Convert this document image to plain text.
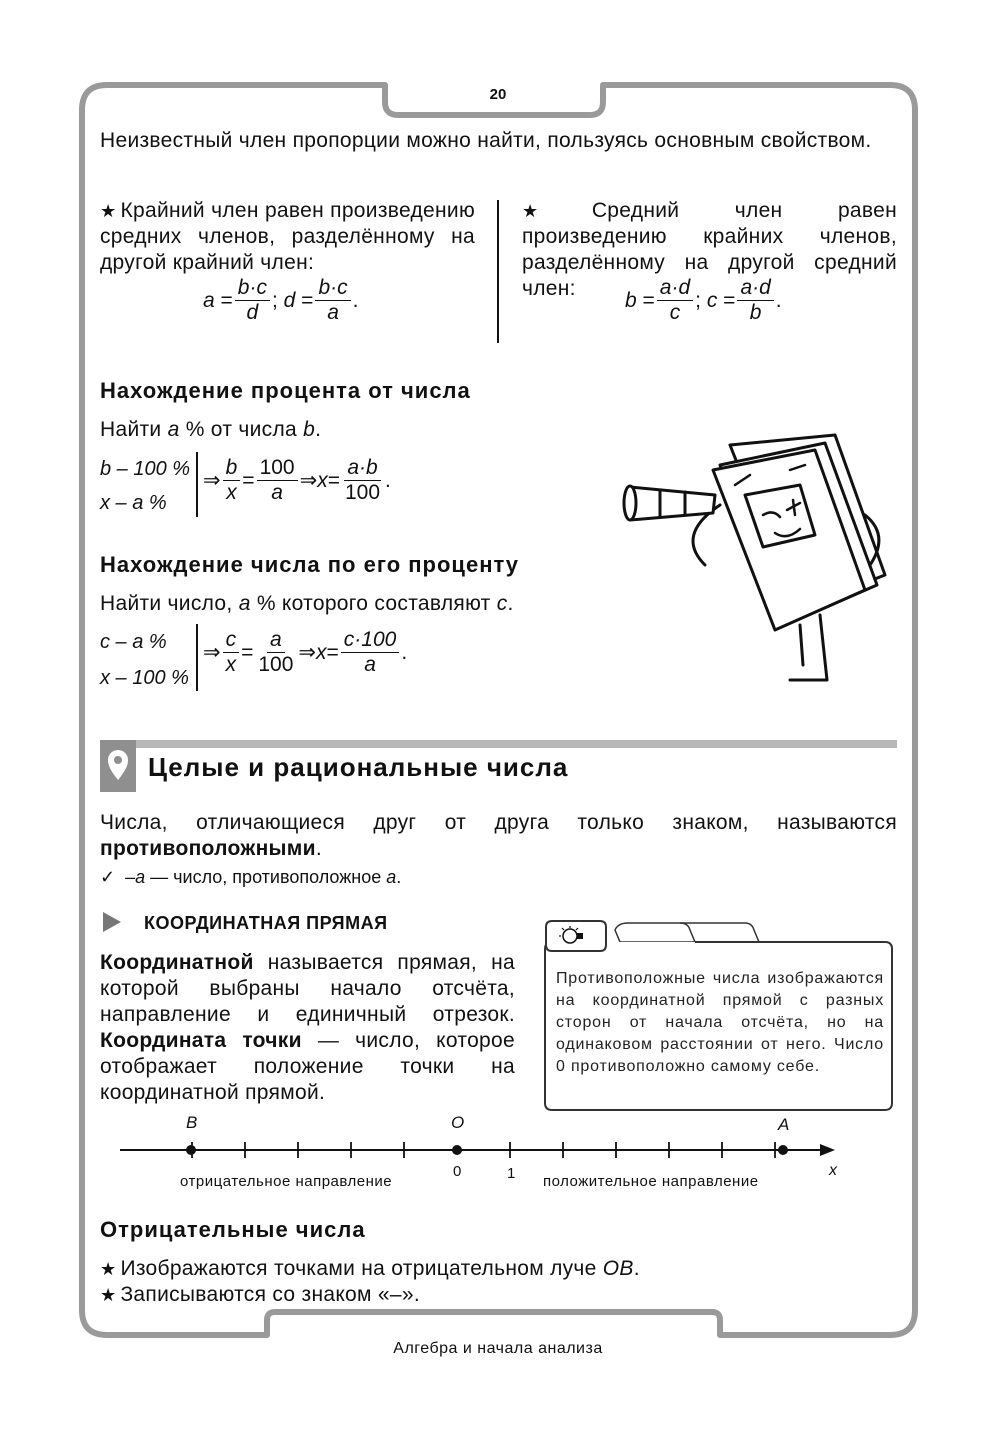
20
Неизвестный член пропорции можно найти, пользуясь основным свойством.
★ Крайний член равен произведению средних членов, разделённому на другой крайний член:
$a = \frac{b\cdot c}{d}$ ; $d = \frac{b\cdot c}{a}$ .
★ Средний член равен произведению крайних членов, разделённому на другой средний член:	$b = \frac{a\cdot d}{c}$ ; $c = \frac{a\cdot d}{b}$ .
Нахождение процента от числа
Найти a % от числа b.
b – 100 %
x – a %
⇒ $\frac{b}{x} = \frac{100}{a}$ ⇒ $x = \frac{a\cdot b}{100}$ .
Нахождение числа по его проценту
Найти число, a % которого составляют c.
c – a %
x – 100 %
⇒ $\frac{c}{x} = \frac{a}{100}$ ⇒ $x = \frac{c\cdot 100}{a}$ .
Целые и рациональные числа
Числа, отличающиеся друг от друга только знаком, называются противоположными.
✓ –a — число, противоположное a.
КООРДИНАТНАЯ ПРЯМАЯ
Координатной называется прямая, на которой выбраны начало отсчёта, направление и единичный отрезок. Координата точки — число, которое отображает положение точки на координатной прямой.
Противоположные числа изображаются на координатной прямой с разных сторон от начала отсчёта, но на одинаковом расстоянии от него. Число 0 противоположно самому себе.
B	O	A
0	1	x
отрицательное направление	положительное направление
Отрицательные числа
★ Изображаются точками на отрицательном луче OB.
★ Записываются со знаком «–».
Алгебра и начала анализа
